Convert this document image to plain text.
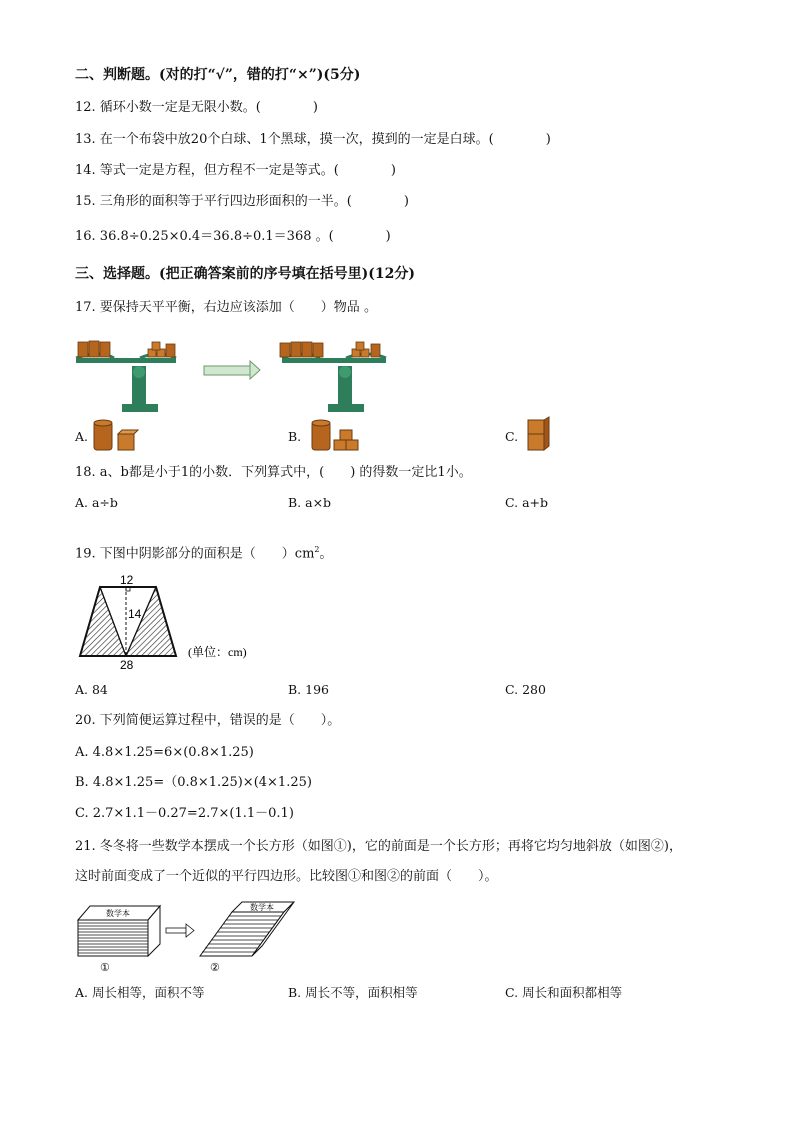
二、判断题。(对的打“√”，错的打“×”)(5分)
12. 循环小数一定是无限小数。(　　　　)
13. 在一个布袋中放20个白球、1个黑球，摸一次，摸到的一定是白球。(　　　　)
14. 等式一定是方程，但方程不一定是等式。(　　　　)
15. 三角形的面积等于平行四边形面积的一半。(　　　　)
16. 36.8÷0.25×0.4＝36.8÷0.1＝368 。(　　　　)
三、选择题。(把正确答案前的序号填在括号里)(12分)
17. 要保持天平平衡，右边应该添加（　　）物品 。
A.	B.	C.
18. a、b都是小于1的小数．下列算式中，(　　) 的得数一定比1小。
A. a÷b	B. a×b	C. a+b
19. 下图中阴影部分的面积是（　　）$cm^2$。
12
14
28
(单位：cm)
A. 84	B. 196	C. 280
20. 下列简便运算过程中，错误的是（　　）。
A. 4.8×1.25=6×(0.8×1.25)
B. 4.8×1.25=（0.8×1.25)×(4×1.25)
C. 2.7×1.1－0.27=2.7×(1.1－0.1)
21. 冬冬将一些数学本摆成一个长方形（如图①)，它的前面是一个长方形；再将它均匀地斜放（如图②)，
这时前面变成了一个近似的平行四边形。比较图①和图②的前面（　　）。
数学本
①
数学本
②
A. 周长相等，面积不等	B. 周长不等，面积相等	C. 周长和面积都相等
